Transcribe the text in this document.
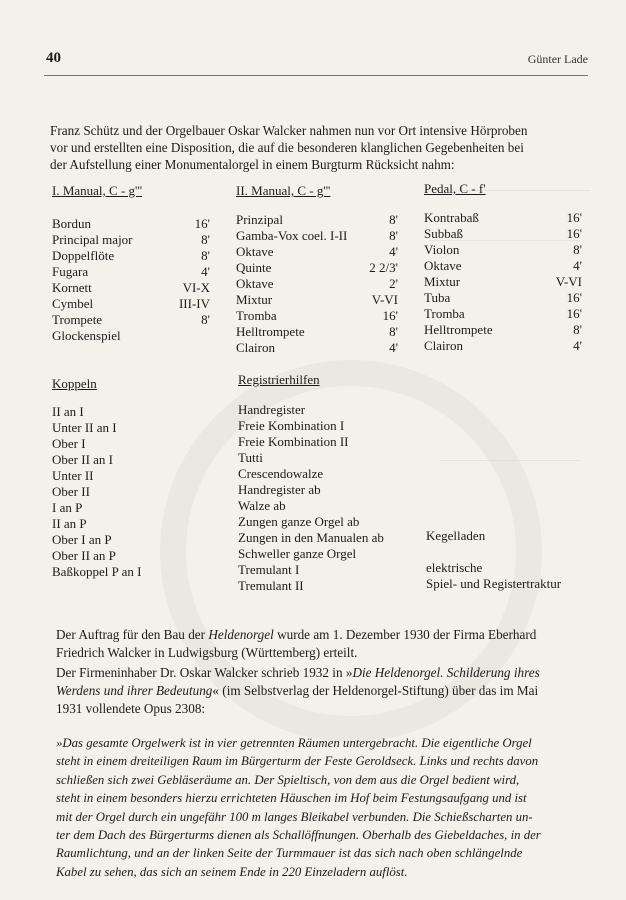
40	Günter Lade

Franz Schütz und der Orgelbauer Oskar Walcker nahmen nun vor Ort intensive Hörproben

vor und erstellten eine Disposition, die auf die besonderen klanglichen Gegebenheiten bei

der Aufstellung einer Monumentalorgel in einem Burgturm Rücksicht nahm:

I. Manual, C - g'''
Bordun	16'
Principal major	8'
Doppelflöte	8'
Fugara	4'
Kornett	VI-X
Cymbel	III-IV
Trompete	8'
Glockenspiel
II. Manual, C - g'''
Prinzipal	8'
Gamba-Vox coel. I-II	8'
Oktave	4'
Quinte	2 2/3'
Oktave	2'
Mixtur	V-VI
Tromba	16'
Helltrompete	8'
Clairon	4'
Pedal, C - f'
Kontrabaß	16'
Subbaß	16'
Violon	8'
Oktave	4'
Mixtur	V-VI
Tuba	16'
Tromba	16'
Helltrompete	8'
Clairon	4'
Koppeln
II an I
Unter II an I
Ober I
Ober II an I
Unter II
Ober II
I an P
II an P
Ober I an P
Ober II an P
Baßkoppel P an I
Registrierhilfen
Handregister
Freie Kombination I
Freie Kombination II
Tutti
Crescendowalze
Handregister ab
Walze ab
Zungen ganze Orgel ab
Zungen in den Manualen ab
Schweller ganze Orgel
Tremulant I
Tremulant II
Kegelladen
elektrische
Spiel- und Registertraktur

Der Auftrag für den Bau der Heldenorgel wurde am 1. Dezember 1930 der Firma Eberhard

Friedrich Walcker in Ludwigsburg (Württemberg) erteilt.

Der Firmeninhaber Dr. Oskar Walcker schrieb 1932 in »Die Heldenorgel. Schilderung ihres

Werdens und ihrer Bedeutung« (im Selbstverlag der Heldenorgel-Stiftung) über das im Mai

1931 vollendete Opus 2308:

»Das gesamte Orgelwerk ist in vier getrennten Räumen untergebracht. Die eigentliche Orgel

steht in einem dreiteiligen Raum im Bürgerturm der Feste Geroldseck. Links und rechts davon

schließen sich zwei Gebläseräume an. Der Spieltisch, von dem aus die Orgel bedient wird,

steht in einem besonders hierzu errichteten Häuschen im Hof beim Festungsaufgang und ist

mit der Orgel durch ein ungefähr 100 m langes Bleikabel verbunden. Die Schießscharten un-

ter dem Dach des Bürgerturms dienen als Schallöffnungen. Oberhalb des Giebeldaches, in der

Raumlichtung, und an der linken Seite der Turmmauer ist das sich nach oben schlängelnde

Kabel zu sehen, das sich an seinem Ende in 220 Einzeladern auflöst.
